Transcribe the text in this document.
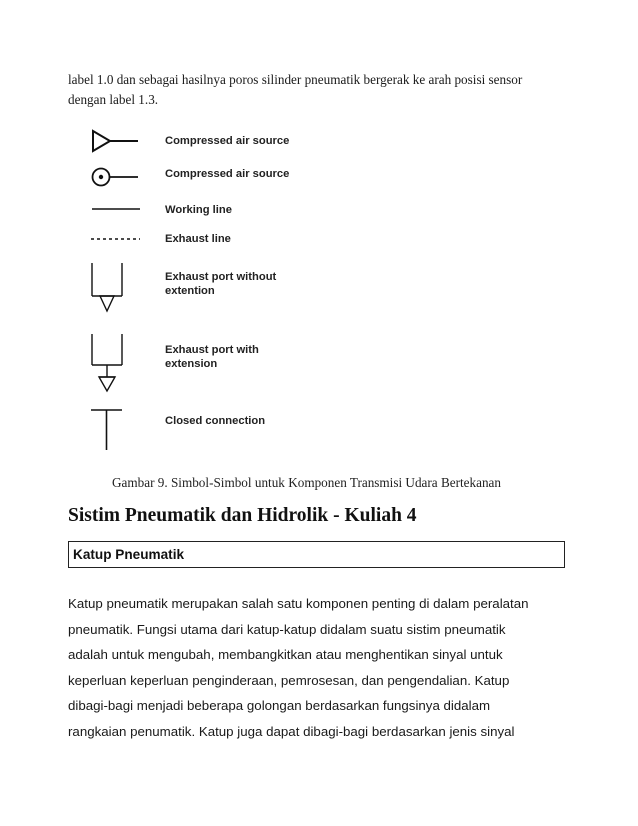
label 1.0 dan sebagai hasilnya poros silinder pneumatik bergerak ke arah posisi sensor
dengan label 1.3.
Compressed air source
Compressed air source
Working line
Exhaust line
Exhaust port without
extention
Exhaust port with
extension
Closed connection
Gambar 9. Simbol-Simbol untuk Komponen Transmisi Udara Bertekanan
Sistim Pneumatik dan Hidrolik - Kuliah 4
Katup Pneumatik
Katup pneumatik merupakan salah satu komponen penting di dalam peralatan
pneumatik. Fungsi utama dari katup-katup didalam suatu sistim pneumatik
adalah untuk mengubah, membangkitkan atau menghentikan sinyal untuk
keperluan keperluan penginderaan, pemrosesan, dan pengendalian. Katup
dibagi-bagi menjadi beberapa golongan berdasarkan fungsinya didalam
rangkaian penumatik. Katup juga dapat dibagi-bagi berdasarkan jenis sinyal
